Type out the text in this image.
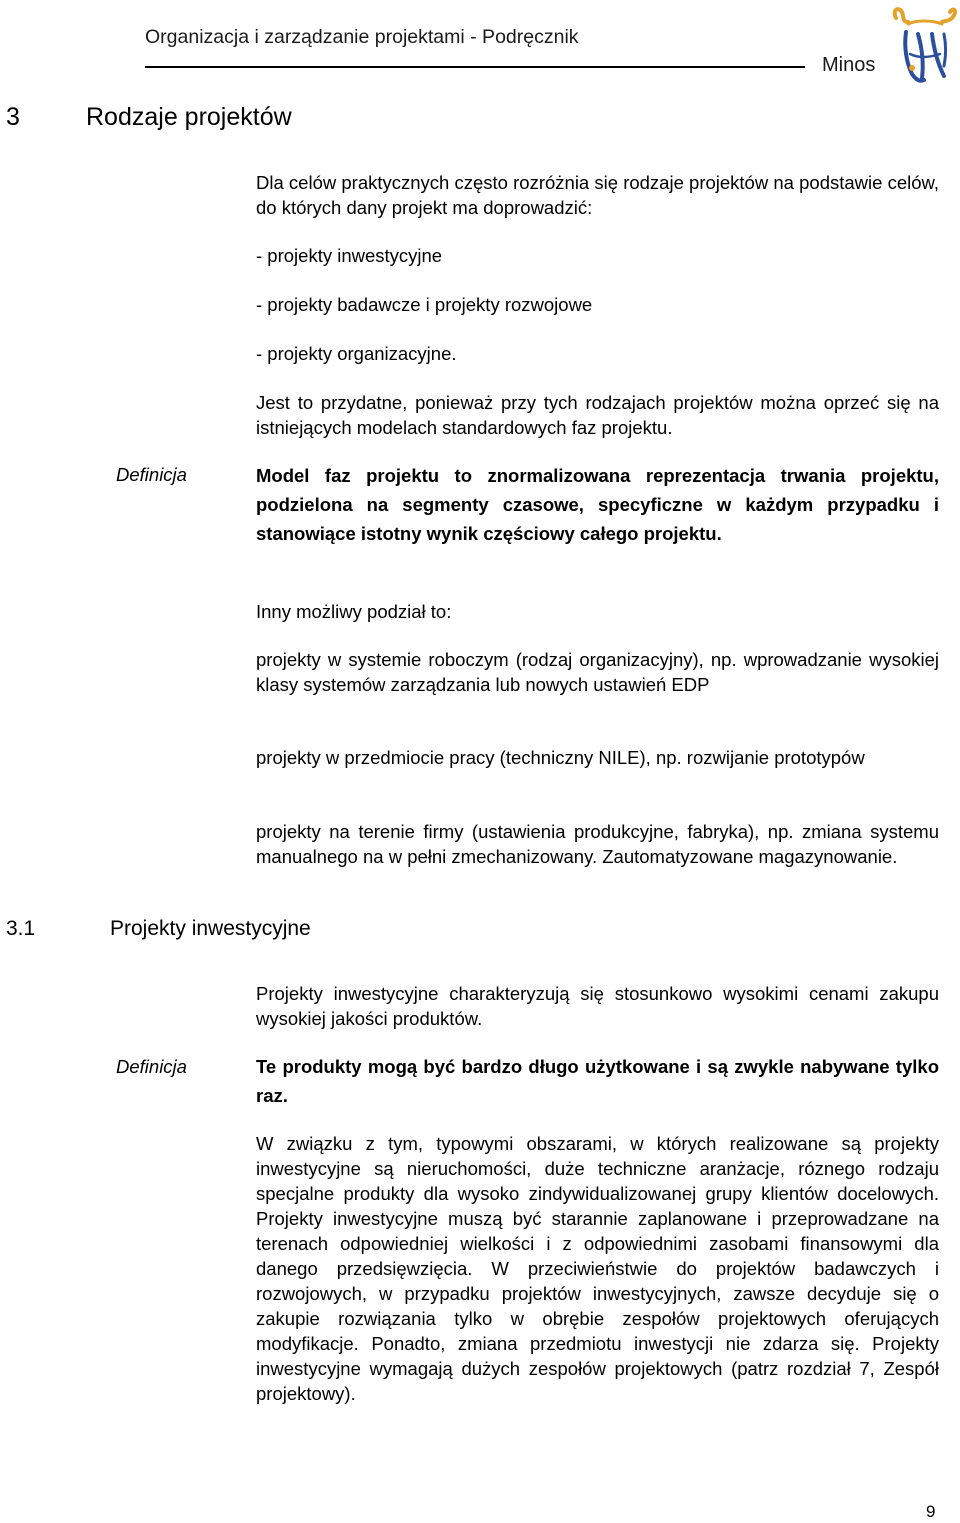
Organizacja i zarządzanie projektami - Podręcznik
Minos
3	Rodzaje projektów

Dla celów praktycznych często rozróżnia się rodzaje projektów na podstawie celów, do których dany projekt ma doprowadzić:

- projekty inwestycyjne

- projekty badawcze i projekty rozwojowe

- projekty organizacyjne.

Jest to przydatne, ponieważ przy tych rodzajach projektów można oprzeć się na istniejących modelach standardowych faz projektu.

Definicja	Model faz projektu to znormalizowana reprezentacja trwania projektu, podzielona na segmenty czasowe, specyficzne w każdym przypadku i stanowiące istotny wynik częściowy całego projektu.

Inny możliwy podział to:

projekty w systemie roboczym (rodzaj organizacyjny), np. wprowadzanie wysokiej klasy systemów zarządzania lub nowych ustawień EDP

projekty w przedmiocie pracy (techniczny NILE), np. rozwijanie prototypów

projekty na terenie firmy (ustawienia produkcyjne, fabryka), np. zmiana systemu manualnego na w pełni zmechanizowany. Zautomatyzowane magazynowanie.

3.1	Projekty inwestycyjne

Projekty inwestycyjne charakteryzują się stosunkowo wysokimi cenami zakupu wysokiej jakości produktów.

Definicja	Te produkty mogą być bardzo długo użytkowane i są zwykle nabywane tylko raz.

W związku z tym, typowymi obszarami, w których realizowane są projekty inwestycyjne są nieruchomości, duże techniczne aranżacje, róznego rodzaju specjalne produkty dla wysoko zindywidualizowanej grupy klientów docelowych. Projekty inwestycyjne muszą być starannie zaplanowane i przeprowadzane na terenach odpowiedniej wielkości i z odpowiednimi zasobami finansowymi dla danego przedsięwzięcia. W przeciwieństwie do projektów badawczych i rozwojowych, w przypadku projektów inwestycyjnych, zawsze decyduje się o zakupie rozwiązania tylko w obrębie zespołów projektowych oferujących modyfikacje. Ponadto, zmiana przedmiotu inwestycji nie zdarza się. Projekty inwestycyjne wymagają dużych zespołów projektowych (patrz rozdział 7, Zespół projektowy).

9
